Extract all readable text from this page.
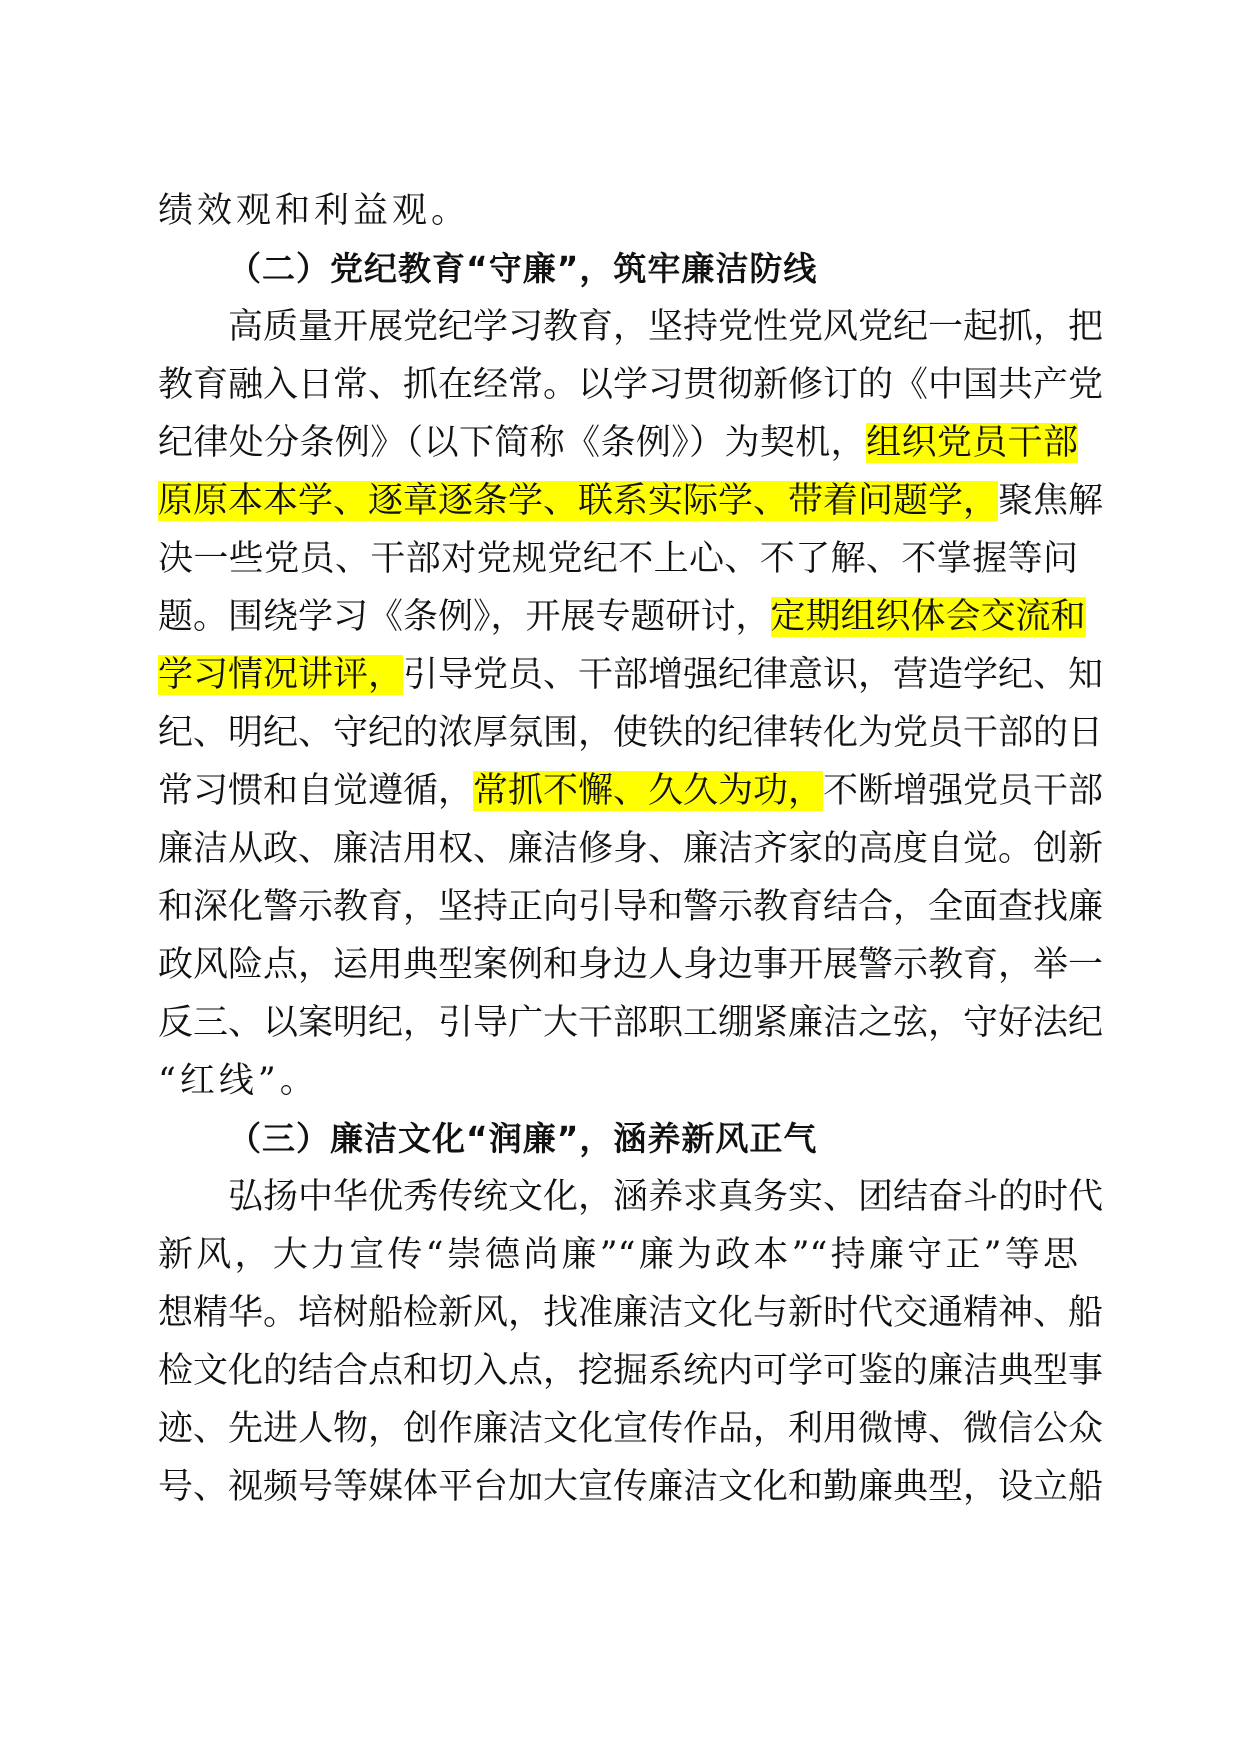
绩效观和利益观。
（二）党纪教育“守廉”，筑牢廉洁防线
高质量开展党纪学习教育，坚持党性党风党纪一起抓，把
教育融入日常、抓在经常。以学习贯彻新修订的《中国共产党
纪律处分条例》（以下简称《条例》）为契机，组织党员干部
原原本本学、逐章逐条学、联系实际学、带着问题学，聚焦解
决一些党员、干部对党规党纪不上心、不了解、不掌握等问
题。围绕学习《条例》，开展专题研讨，定期组织体会交流和
学习情况讲评，引导党员、干部增强纪律意识，营造学纪、知
纪、明纪、守纪的浓厚氛围，使铁的纪律转化为党员干部的日
常习惯和自觉遵循，常抓不懈、久久为功，不断增强党员干部
廉洁从政、廉洁用权、廉洁修身、廉洁齐家的高度自觉。创新
和深化警示教育，坚持正向引导和警示教育结合，全面查找廉
政风险点，运用典型案例和身边人身边事开展警示教育，举一
反三、以案明纪，引导广大干部职工绷紧廉洁之弦，守好法纪
“红线”。
（三）廉洁文化“润廉”，涵养新风正气
弘扬中华优秀传统文化，涵养求真务实、团结奋斗的时代
新风，大力宣传“崇德尚廉”“廉为政本”“持廉守正”等思
想精华。培树船检新风，找准廉洁文化与新时代交通精神、船
检文化的结合点和切入点，挖掘系统内可学可鉴的廉洁典型事
迹、先进人物，创作廉洁文化宣传作品，利用微博、微信公众
号、视频号等媒体平台加大宣传廉洁文化和勤廉典型，设立船
